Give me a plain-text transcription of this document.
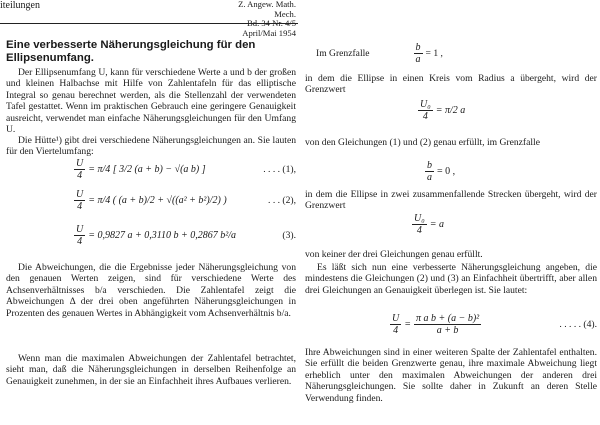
iteilungen	Z. Angew. Math. Mech.
Bd. 34 Nr. 4/5 April/Mai 1954
Eine verbesserte Näherungsgleichung für den Ellipsenumfang.
Der Ellipsenumfang U, kann für verschiedene Werte a und b der großen und kleinen Halbachse mit Hilfe von Zahlentafeln für das elliptische Integral so genau berechnet werden, als die Stellenzahl der verwendeten Tafel gestattet. Wenn im praktischen Gebrauch eine geringere Genauigkeit ausreicht, verwendet man einfache Näherungsgleichungen für den Umfang U.
Die Hütte¹) gibt drei verschiedene Näherungsgleichungen an. Sie lauten für den Viertelumfang:
$\frac{U}{4} = \pi/4$ [ 3/2 (a + b) − √(a b) ]	. . . . (1),
$\frac{U}{4} = \pi/4$ ( (a + b)/2 + √((a² + b²)/2) )	. . . (2),
$\frac{U}{4} = 0,9827$ a + 0,3110 b + 0,2867 b²/a	(3).
Die Abweichungen, die die Ergebnisse jeder Näherungsgleichung von den genauen Werten zeigen, sind für verschiedene Werte des Achsenverhältnisses b/a verschieden. Die Zahlentafel zeigt die Abweichungen Δ der drei oben angeführten Näherungsgleichungen in Prozenten des genauen Wertes in Abhängigkeit vom Achsenverhältnis b/a.
Wenn man die maximalen Abweichungen der Zahlentafel betrachtet, sieht man, daß die Näherungsgleichungen in derselben Reihenfolge an Genauigkeit zunehmen, in der sie an Einfachheit ihres Aufbaues verlieren.
Im Grenzfalle	$\frac{b}{a} = 1$ ,
in dem die Ellipse in einen Kreis vom Radius a übergeht, wird der Grenzwert
$\frac{\text{U₀}}{4} = \pi/2$ a
von den Gleichungen (1) und (2) genau erfüllt, im Grenzfalle
$\frac{b}{a} = 0$ ,
in dem die Ellipse in zwei zusammenfallende Strecken übergeht, wird der Grenzwert
$\frac{\text{U₀}}{4} = a$
von keiner der drei Gleichungen genau erfüllt.
Es läßt sich nun eine verbesserte Näherungsgleichung angeben, die mindestens die Gleichungen (2) und (3) an Einfachheit übertrifft, aber allen drei Gleichungen an Genauigkeit überlegen ist. Sie lautet:
$\frac{U}{4} = \frac{\text{π a b + (a − b)²}}{a + b}$	. . . . . (4).
Ihre Abweichungen sind in einer weiteren Spalte der Zahlentafel enthalten. Sie erfüllt die beiden Grenzwerte genau, ihre maximale Abweichung liegt erheblich unter den maximalen Abweichungen der anderen drei Näherungsgleichungen. Sie sollte daher in Zukunft an deren Stelle Verwendung finden.
